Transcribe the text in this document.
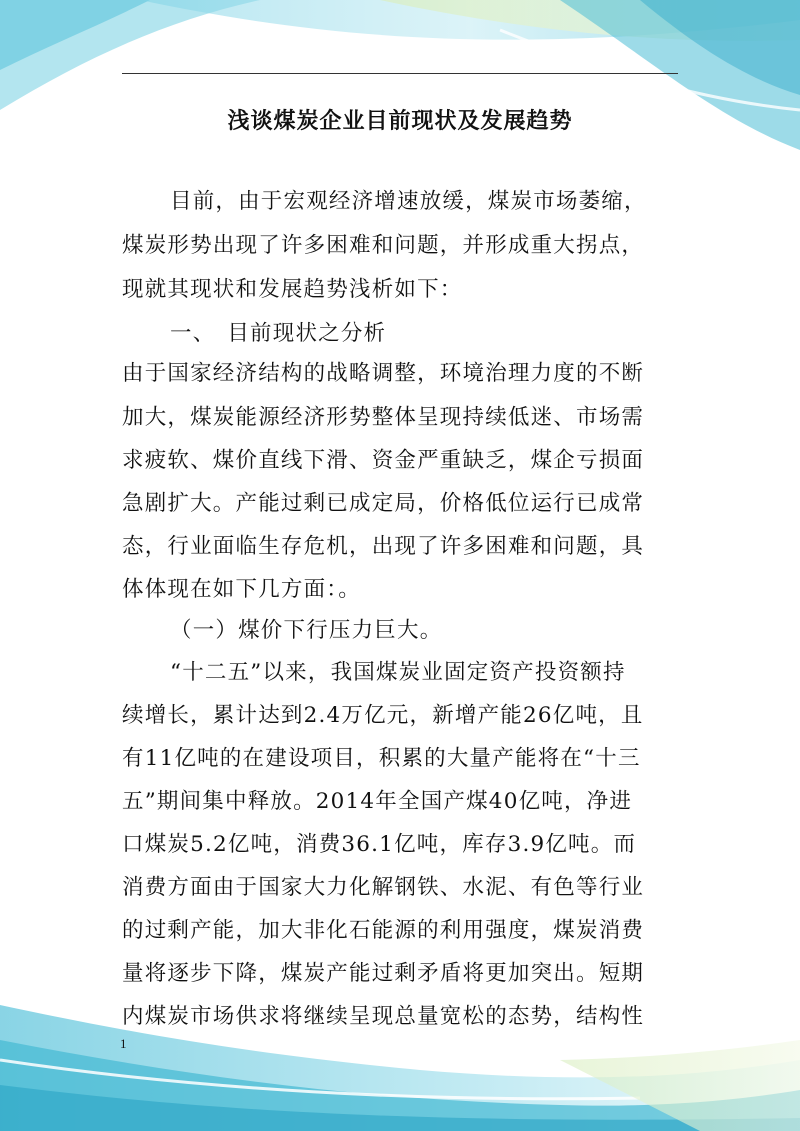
浅谈煤炭企业目前现状及发展趋势
目前，由于宏观经济增速放缓，煤炭市场萎缩，
煤炭形势出现了许多困难和问题，并形成重大拐点，
现就其现状和发展趋势浅析如下：
一、　目前现状之分析
由于国家经济结构的战略调整，环境治理力度的不断
加大，煤炭能源经济形势整体呈现持续低迷、市场需
求疲软、煤价直线下滑、资金严重缺乏，煤企亏损面
急剧扩大。产能过剩已成定局，价格低位运行已成常
态，行业面临生存危机，出现了许多困难和问题，具
体体现在如下几方面：。
（一）煤价下行压力巨大。
“十二五”以来，我国煤炭业固定资产投资额持
续增长，累计达到2.4万亿元，新增产能26亿吨，且
有11亿吨的在建设项目，积累的大量产能将在“十三
五”期间集中释放。2014年全国产煤40亿吨，净进
口煤炭5.2亿吨，消费36.1亿吨，库存3.9亿吨。而
消费方面由于国家大力化解钢铁、水泥、有色等行业
的过剩产能，加大非化石能源的利用强度，煤炭消费
量将逐步下降，煤炭产能过剩矛盾将更加突出。短期
内煤炭市场供求将继续呈现总量宽松的态势，结构性
1
